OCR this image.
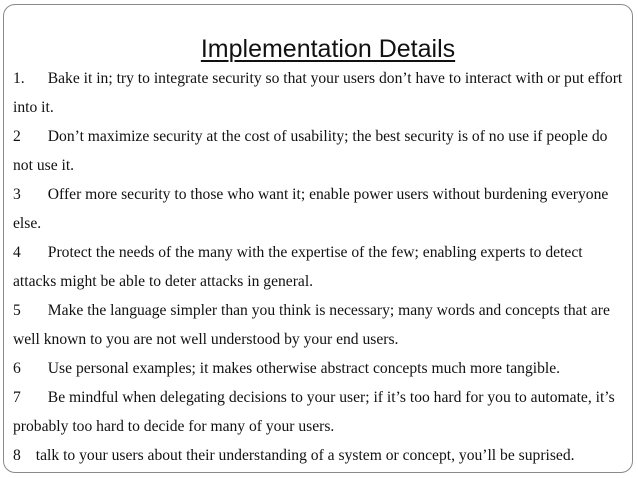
Implementation Details

1. Bake it in; try to integrate security so that your users don’t have to interact with or put effort into it.

2 Don’t maximize security at the cost of usability; the best security is of no use if people do not use it.

3 Offer more security to those who want it; enable power users without burdening everyone else.

4 Protect the needs of the many with the expertise of the few; enabling experts to detect attacks might be able to deter attacks in general.

5 Make the language simpler than you think is necessary; many words and concepts that are well known to you are not well understood by your end users.

6 Use personal examples; it makes otherwise abstract concepts much more tangible.

7 Be mindful when delegating decisions to your user; if it’s too hard for you to automate, it’s probably too hard to decide for many of your users.

8 talk to your users about their understanding of a system or concept, you’ll be suprised.
